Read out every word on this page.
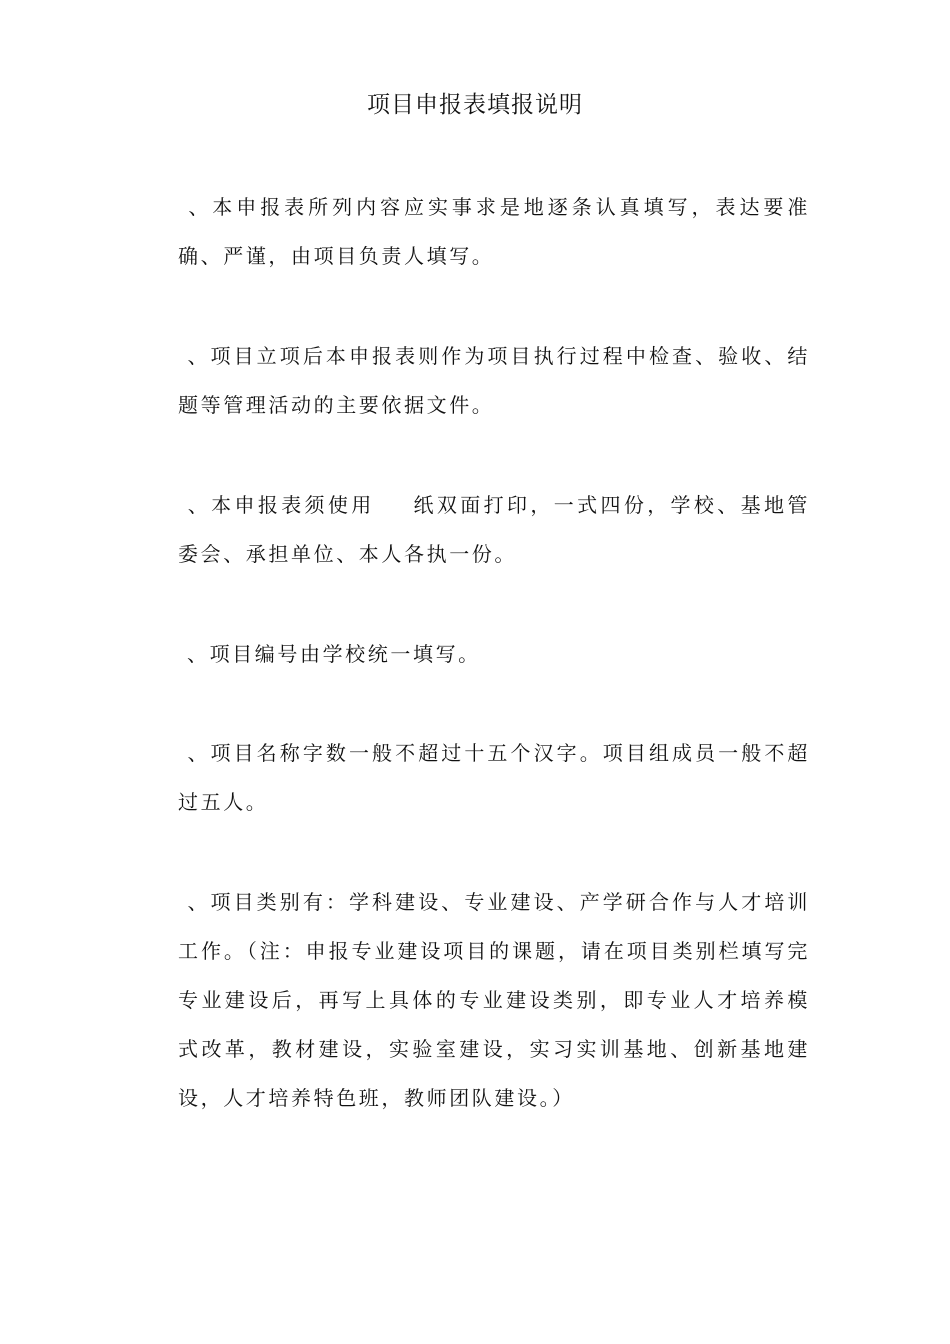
项目申报表填报说明
、本申报表所列内容应实事求是地逐条认真填写，表达要准确、严谨，由项目负责人填写。
、项目立项后本申报表则作为项目执行过程中检查、验收、结题等管理活动的主要依据文件。
、本申报表须使用    纸双面打印，一式四份，学校、基地管委会、承担单位、本人各执一份。
、项目编号由学校统一填写。
、项目名称字数一般不超过十五个汉字。项目组成员一般不超过五人。
、项目类别有：学科建设、专业建设、产学研合作与人才培训工作。（注：申报专业建设项目的课题，请在项目类别栏填写完专业建设后，再写上具体的专业建设类别，即专业人才培养模式改革，教材建设，实验室建设，实习实训基地、创新基地建设，人才培养特色班，教师团队建设。）
